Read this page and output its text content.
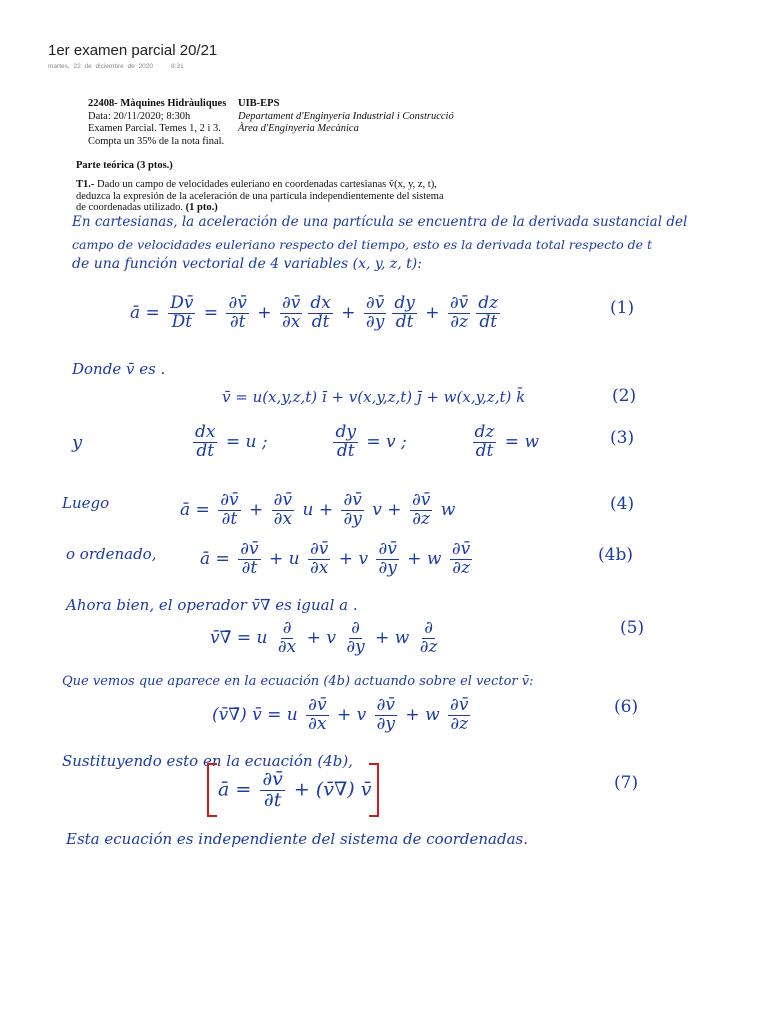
1er examen parcial 20/21
martes, 22 de diciembre de 2020	8:31
22408- Màquines Hidràuliques
Data: 20/11/2020; 8:30h
Examen Parcial. Temes 1, 2 i 3.
Compta un 35% de la nota final.
UIB-EPS
Departament d'Enginyeria Industrial i Construcció
Àrea d'Enginyeria Mecànica
Parte teórica (3 ptos.)
T1.- Dado un campo de velocidades euleriano en coordenadas cartesianas v̄(x, y, z, t), deduzca la expresión de la aceleración de una partícula independientemente del sistema de coordenadas utilizado. (1 pto.)
En cartesianas, la aceleración de una partícula se encuentra de la derivada sustancial del
campo de velocidades euleriano respecto del tiempo, esto es la derivada total respecto de t
de una función vectorial de 4 variables (x, y, z, t):
ā = $\frac{Dv̄}{Dt} = \frac{\partial v̄}{\partial t} + \frac{\partial v̄}{\partial x} \frac{dx}{dt} + \frac{\partial v̄}{\partial y} \frac{dy}{dt} + \frac{\partial v̄}{\partial z} \frac{dz}{dt}$	(1)
Donde v̄ es .
v̄ = u(x,y,z,t) ī + v(x,y,z,t) j̄ + w(x,y,z,t) k̄	(2)
y	$\frac{dx}{dt} = u$ ;	$\frac{dy}{dt} = v$ ;	$\frac{dz}{dt} = w$	(3)
Luego	ā = $\frac{\partial v̄}{\partial t} + \frac{\partial v̄}{\partial x}$ $u + \frac{\partial v̄}{\partial y}$ $v + \frac{\partial v̄}{\partial z}$ w	(4)
o ordenado,	ā = $\frac{\partial v̄}{\partial t} + u \frac{\partial v̄}{\partial x} + v \frac{\partial v̄}{\partial y} + w \frac{\partial v̄}{\partial z}$	(4b)
Ahora bien, el operador v̄∇̄ es igual a .
v̄∇̄ = u $\frac{\partial}{\partial x} + v \frac{\partial}{\partial y} + w \frac{\partial}{\partial z}$	(5)
Que vemos que aparece en la ecuación (4b) actuando sobre el vector v̄:
(v̄∇̄) v̄ = u $\frac{\partial v̄}{\partial x} + v \frac{\partial v̄}{\partial y} + w \frac{\partial v̄}{\partial z}$	(6)
Sustituyendo esto en la ecuación (4b),
ā = $\frac{\partial v̄}{\partial t}$ + (v̄∇̄) v̄	(7)
Esta ecuación es independiente del sistema de coordenadas.
